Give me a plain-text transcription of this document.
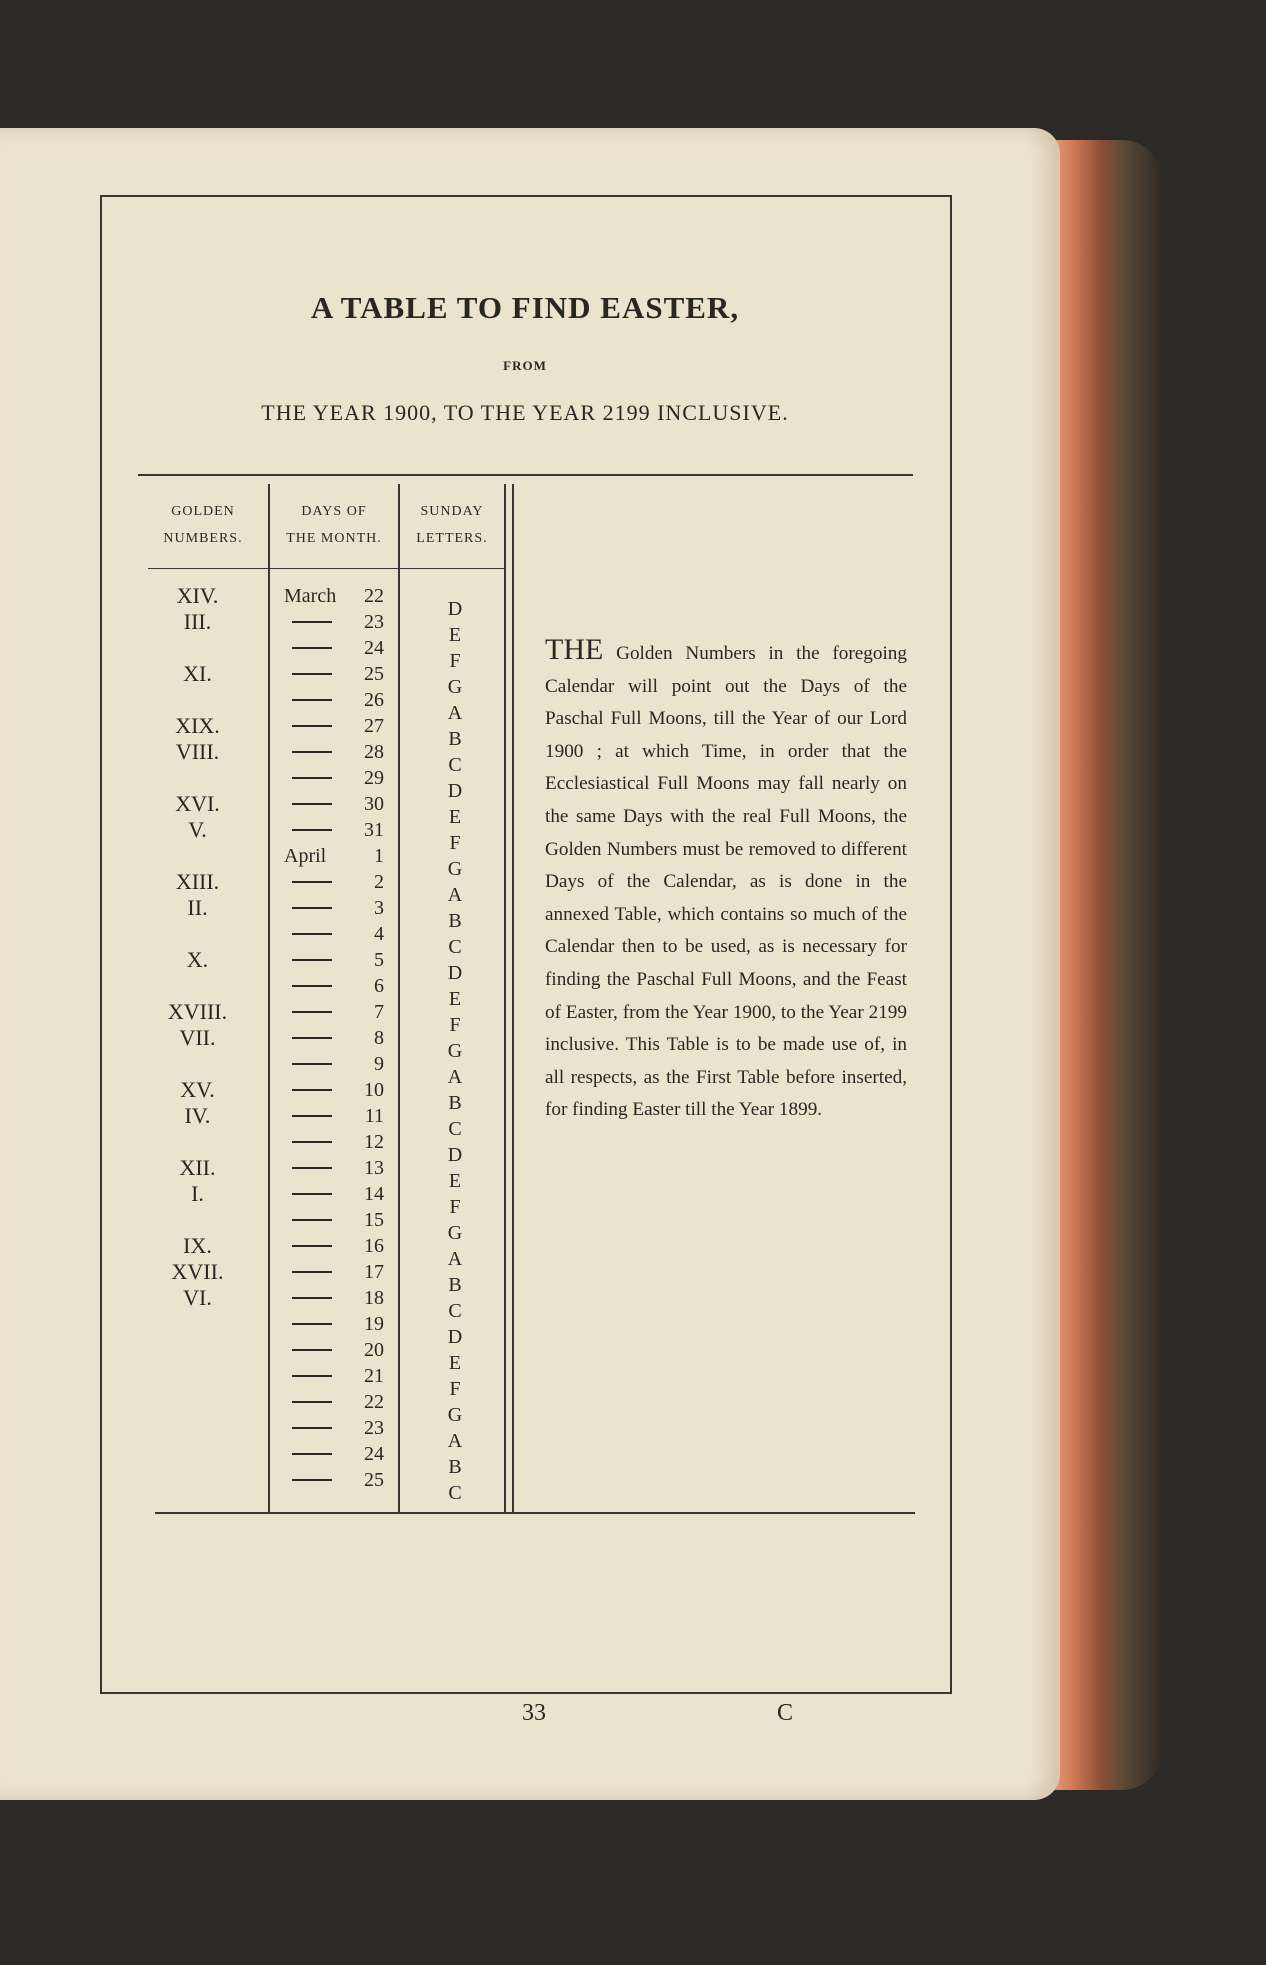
A TABLE TO FIND EASTER,
FROM
THE YEAR 1900, TO THE YEAR 2199 INCLUSIVE.
GOLDEN
NUMBERS.
DAYS OF
THE MONTH.
SUNDAY
LETTERS.
XIV.
III.
XI.
XIX.
VIII.
XVI.
V.
XIII.
II.
X.
XVIII.
VII.
XV.
IV.
XII.
I.
IX.
XVII.
VI.
March 22
23
24
25
26
27
28
29
30
31
April 1
2
3
4
5
6
7
8
9
10
11
12
13
14
15
16
17
18
19
20
21
22
23
24
25
D
E
F
G
A
B
C
D
E
F
G
A
B
C
D
E
F
G
A
B
C
D
E
F
G
A
B
C
D
E
F
G
A
B
C
THE Golden Numbers in the foregoing Calendar will point out the Days of the Paschal Full Moons, till the Year of our Lord 1900 ; at which Time, in order that the Ecclesiastical Full Moons may fall nearly on the same Days with the real Full Moons, the Golden Numbers must be removed to different Days of the Calendar, as is done in the annexed Table, which contains so much of the Calendar then to be used, as is necessary for finding the Paschal Full Moons, and the Feast of Easter, from the Year 1900, to the Year 2199 inclusive. This Table is to be made use of, in all respects, as the First Table before inserted, for finding Easter till the Year 1899.
33	C
